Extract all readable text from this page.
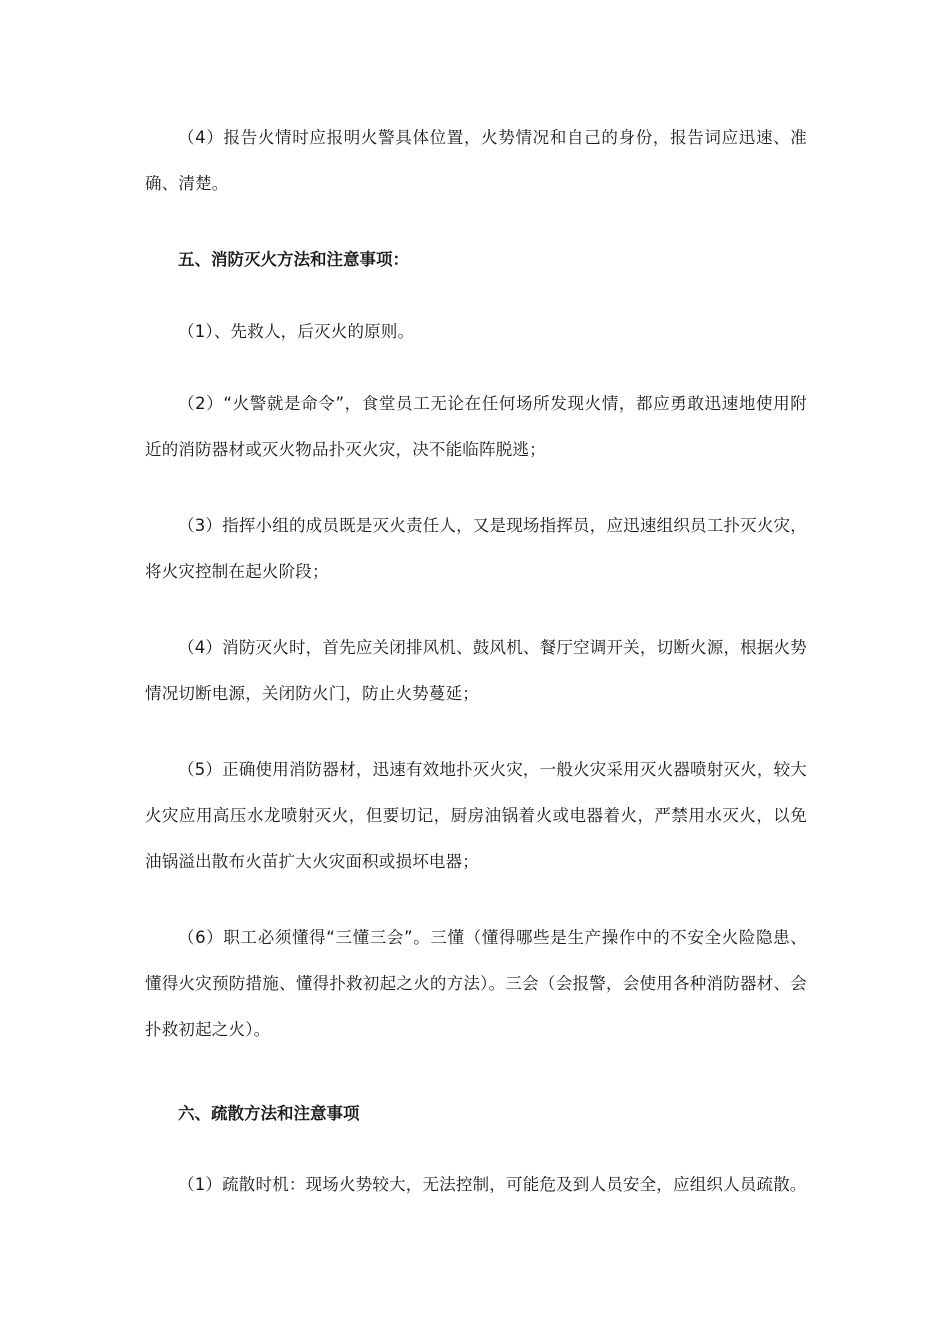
（4）报告火情时应报明火警具体位置，火势情况和自己的身份，报告词应迅速、准确、清楚。

五、消防灭火方法和注意事项：

（1）、先救人，后灭火的原则。

（2）“火警就是命令”，食堂员工无论在任何场所发现火情，都应勇敢迅速地使用附近的消防器材或灭火物品扑灭火灾，决不能临阵脱逃；

（3）指挥小组的成员既是灭火责任人，又是现场指挥员，应迅速组织员工扑灭火灾，将火灾控制在起火阶段；

（4）消防灭火时，首先应关闭排风机、鼓风机、餐厅空调开关，切断火源，根据火势情况切断电源，关闭防火门，防止火势蔓延；

（5）正确使用消防器材，迅速有效地扑灭火灾，一般火灾采用灭火器喷射灭火，较大火灾应用高压水龙喷射灭火，但要切记，厨房油锅着火或电器着火，严禁用水灭火，以免油锅溢出散布火苗扩大火灾面积或损坏电器；

（6）职工必须懂得“三懂三会”。三懂（懂得哪些是生产操作中的不安全火险隐患、懂得火灾预防措施、懂得扑救初起之火的方法）。三会（会报警，会使用各种消防器材、会扑救初起之火）。

六、疏散方法和注意事项

（1）疏散时机：现场火势较大，无法控制，可能危及到人员安全，应组织人员疏散。
